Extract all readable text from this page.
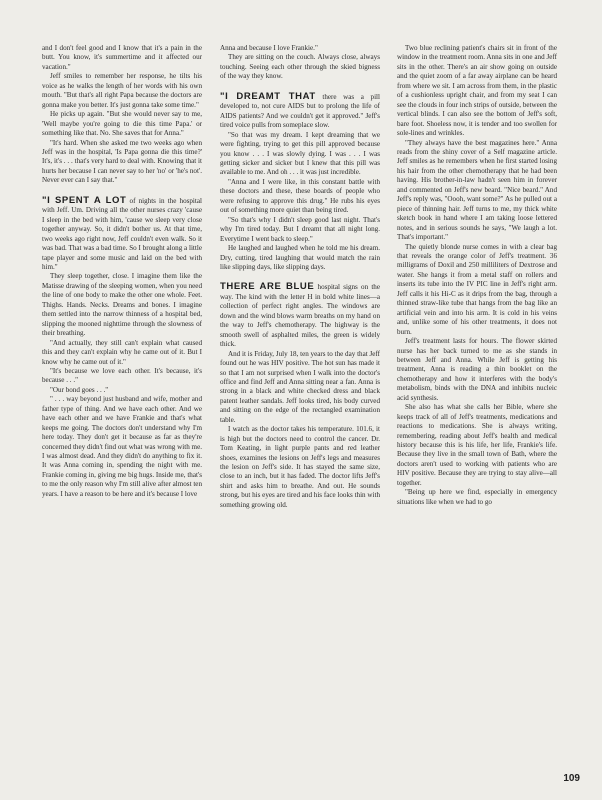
and I don't feel good and I know that it's a pain in the butt. You know, it's summertime and it affected our vacation."

Jeff smiles to remember her response, he tilts his voice as he walks the length of her words with his own mouth. "But that's all right Papa because the doctors are gonna make you better. It's just gonna take some time."

He picks up again. "But she would never say to me, 'Well maybe you're going to die this time Papa.' or something like that. No. She saves that for Anna."

"It's hard. When she asked me two weeks ago when Jeff was in the hospital, 'Is Papa gonna die this time?' It's, it's . . . that's very hard to deal with. Knowing that it hurts her because I can never say to her 'no' or 'he's not'. Never ever can I say that."

"I SPENT A LOT of nights in the hospital with Jeff. Um. Driving all the other nurses crazy 'cause I sleep in the bed with him, 'cause we sleep very close together anyway. So, it didn't bother us. At that time, two weeks ago right now, Jeff couldn't even walk. So it was bad. That was a bad time. So I brought along a little tape player and some music and laid on the bed with him."

They sleep together, close. I imagine them like the Matisse drawing of the sleeping women, when you need the line of one body to make the other one whole. Feet. Thighs. Hands. Necks. Dreams and bones. I imagine them settled into the narrow thinness of a hospital bed, slipping the mooned nighttime through the slowness of their breathing.

"And actually, they still can't explain what caused this and they can't explain why he came out of it. But I know why he came out of it."

"It's because we love each other. It's because, it's because . . ."

"Our bond goes . . ."

" . . . way beyond just husband and wife, mother and father type of thing. And we have each other. And we have each other and we have Frankie and that's what keeps me going. The doctors don't understand why I'm here today. They don't get it because as far as they're concerned they didn't find out what was wrong with me. I was almost dead. And they didn't do anything to fix it. It was Anna coming in, spending the night with me. Frankie coming in, giving me big hugs. Inside me, that's to me the only reason why I'm still alive after almost ten years. I have a reason to be here and it's because I love

Anna and because I love Frankie."

They are sitting on the couch. Always close, always touching. Seeing each other through the skied bigness of the way they know.

"I DREAMT THAT there was a pill developed to, not cure AIDS but to prolong the life of AIDS patients? And we couldn't get it approved." Jeff's tired voice pulls from someplace slow.

"So that was my dream. I kept dreaming that we were fighting, trying to get this pill approved because you know . . . I was slowly dying. I was . . . I was getting sicker and sicker but I knew that this pill was available to me. And oh . . . it was just incredible.

"Anna and I were like, in this constant battle with these doctors and these, these boards of people who were refusing to approve this drug." He rubs his eyes out of something more quiet than being tired.

"So that's why I didn't sleep good last night. That's why I'm tired today. But I dreamt that all night long. Everytime I went back to sleep."

He laughed and laughed when he told me his dream. Dry, cutting, tired laughing that would match the rain like slipping days, like slipping days.

THERE ARE BLUE hospital signs on the way. The kind with the letter H in bold white lines—a collection of perfect right angles. The windows are down and the wind blows warm breaths on my hand on the way to Jeff's chemotherapy. The highway is the smooth swell of asphalted miles, the green is widely thick.

And it is Friday, July 18, ten years to the day that Jeff found out he was HIV positive. The hot sun has made it so that I am not surprised when I walk into the doctor's office and find Jeff and Anna sitting near a fan. Anna is strong in a black and white checked dress and black patent leather sandals. Jeff looks tired, his body curved and sitting on the edge of the rectangled examination table.

I watch as the doctor takes his temperature. 101.6, it is high but the doctors need to control the cancer. Dr. Tom Keating, in light purple pants and red leather shoes, examines the lesions on Jeff's legs and measures the lesion on Jeff's side. It has stayed the same size, close to an inch, but it has faded. The doctor lifts Jeff's shirt and asks him to breathe. And out. He sounds strong, but his eyes are tired and his face looks thin with something growing old.

Two blue reclining patient's chairs sit in front of the window in the treatment room. Anna sits in one and Jeff sits in the other. There's an air show going on outside and the quiet zoom of a far away airplane can be heard from where we sit. I am across from them, in the plastic of a cushionless upright chair, and from my seat I can see the clouds in four inch strips of outside, between the vertical blinds. I can also see the bottom of Jeff's soft, bare foot. Shoeless now, it is tender and too swollen for sole-lines and wrinkles.

"They always have the best magazines here." Anna reads from the shiny cover of a Self magazine article. Jeff smiles as he remembers when he first started losing his hair from the other chemotherapy that he had been having. His brother-in-law hadn't seen him in forever and commented on Jeff's new beard. "Nice beard." And Jeff's reply was, "Oooh, want some?" As he pulled out a piece of thinning hair. Jeff turns to me, my thick white sketch book in hand where I am taking loose lettered notes, and in serious sounds he says, "We laugh a lot. That's important."

The quietly blonde nurse comes in with a clear bag that reveals the orange color of Jeff's treatment. 36 milligrams of Doxil and 250 milliliters of Dextrose and water. She hangs it from a metal staff on rollers and inserts its tube into the IV PIC line in Jeff's right arm. Jeff calls it his Hi-C as it drips from the bag, through a thinned straw-like tube that hangs from the bag like an artificial vein and into his arm. It is cold in his veins and, unlike some of his other treatments, it does not burn.

Jeff's treatment lasts for hours. The flower skirted nurse has her back turned to me as she stands in between Jeff and Anna. While Jeff is getting his treatment, Anna is reading a thin booklet on the chemotherapy and how it interferes with the body's metabolism, binds with the DNA and inhibits nucleic acid synthesis.

She also has what she calls her Bible, where she keeps track of all of Jeff's treatments, medications and reactions to medications. She is always writing, remembering, reading about Jeff's health and medical history because this is his life, her life, Frankie's life. Because they live in the small town of Bath, where the doctors aren't used to working with patients who are HIV positive. Because they are trying to stay alive—all together.

"Being up here we find, especially in emergency situations like when we had to go

109
